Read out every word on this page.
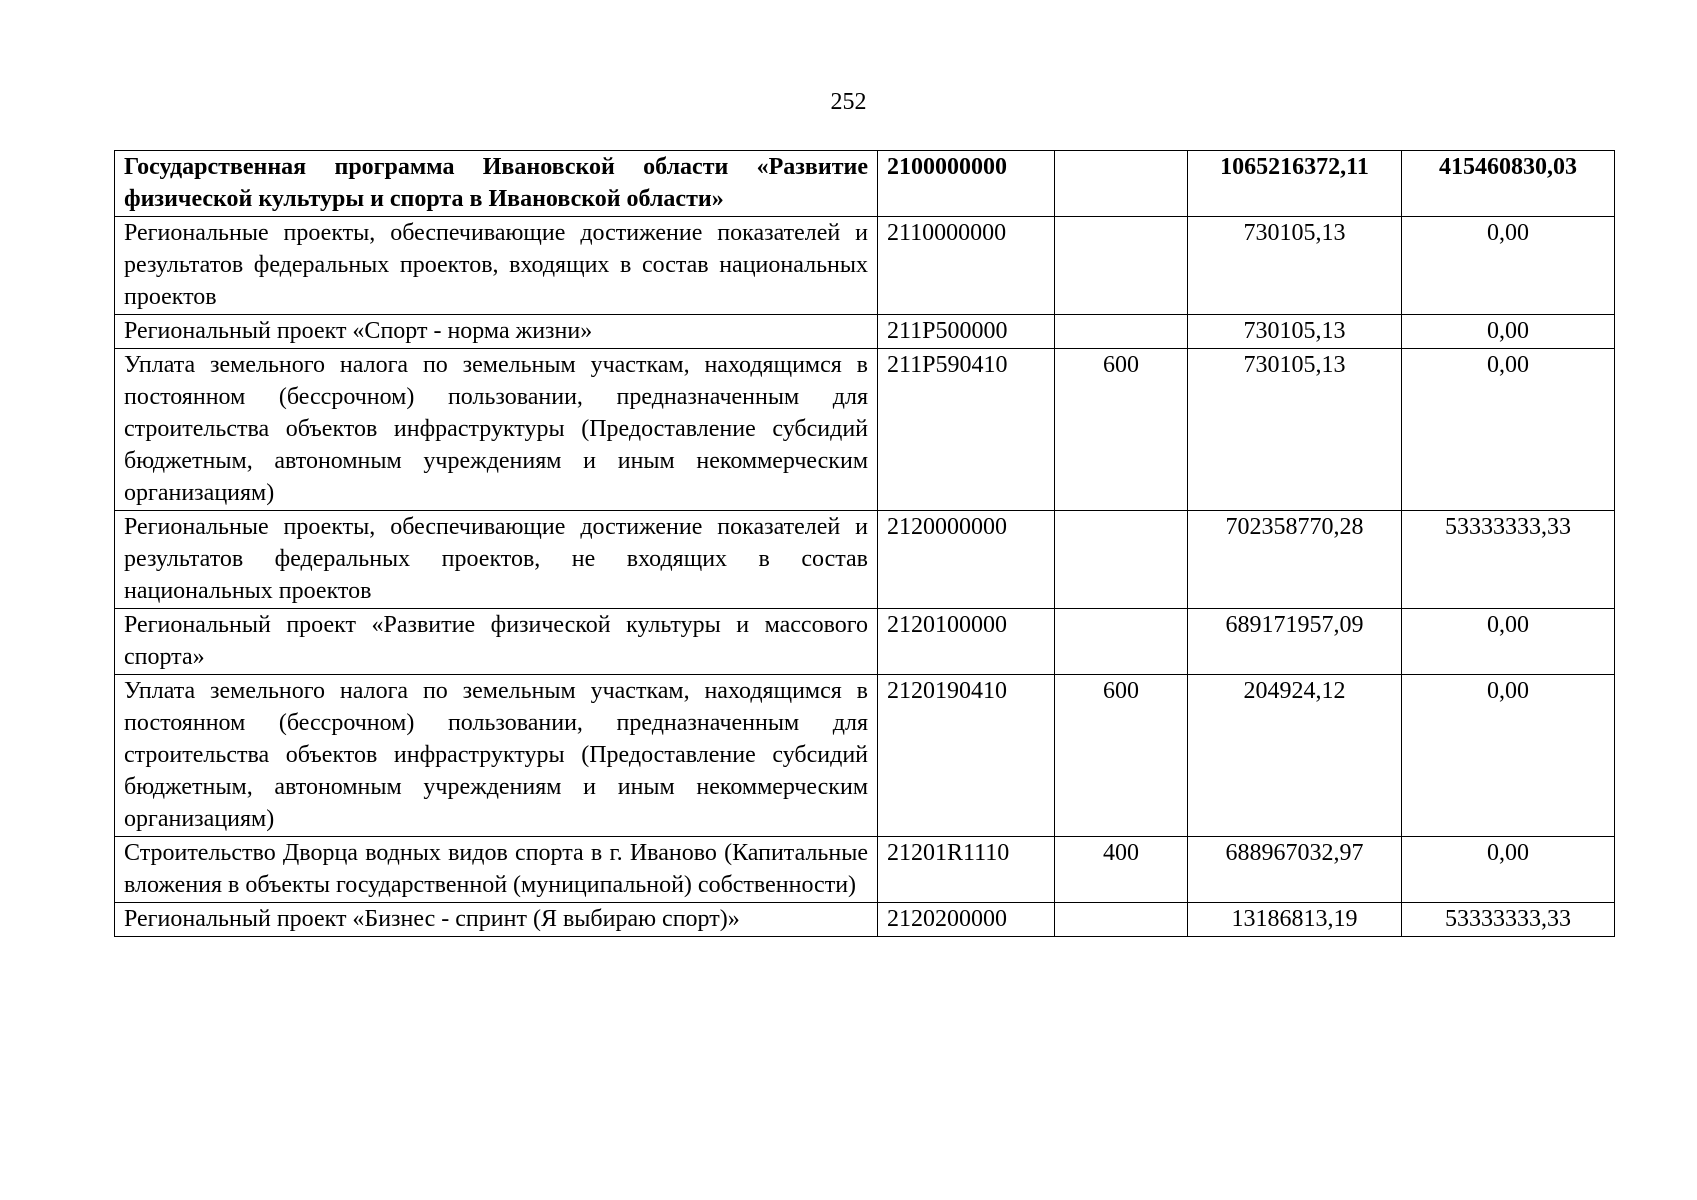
252
Государственная программа Ивановской области «Развитие физической культуры и спорта в Ивановской области»	2100000000		1065216372,11	415460830,03
Региональные проекты, обеспечивающие достижение показателей и результатов федеральных проектов, входящих в состав национальных проектов	2110000000		730105,13	0,00
Региональный проект «Спорт - норма жизни»	211P500000		730105,13	0,00
Уплата земельного налога по земельным участкам, находящимся в постоянном (бессрочном) пользовании, предназначенным для строительства объектов инфраструктуры (Предоставление субсидий бюджетным, автономным учреждениям и иным некоммерческим организациям)	211P590410	600	730105,13	0,00
Региональные проекты, обеспечивающие достижение показателей и результатов федеральных проектов, не входящих в состав национальных проектов	2120000000		702358770,28	53333333,33
Региональный проект «Развитие физической культуры и массового спорта»	2120100000		689171957,09	0,00
Уплата земельного налога по земельным участкам, находящимся в постоянном (бессрочном) пользовании, предназначенным для строительства объектов инфраструктуры (Предоставление субсидий бюджетным, автономным учреждениям и иным некоммерческим организациям)	2120190410	600	204924,12	0,00
Строительство Дворца водных видов спорта в г. Иваново (Капитальные вложения в объекты государственной (муниципальной) собственности)	21201R1110	400	688967032,97	0,00
Региональный проект «Бизнес - спринт (Я выбираю спорт)»	2120200000		13186813,19	53333333,33
